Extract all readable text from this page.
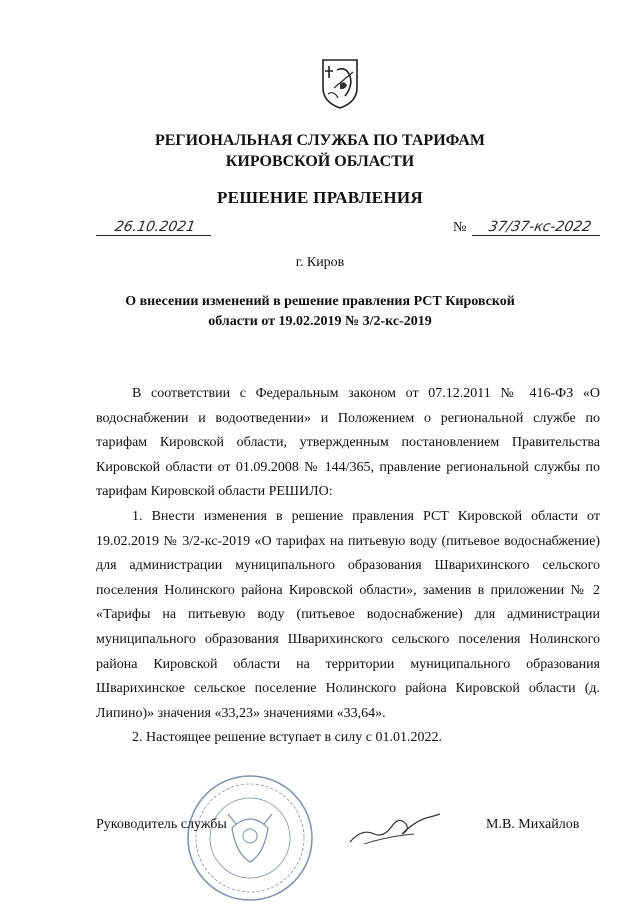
РЕГИОНАЛЬНАЯ СЛУЖБА ПО ТАРИФАМ
КИРОВСКОЙ ОБЛАСТИ
РЕШЕНИЕ ПРАВЛЕНИЯ
26.10.2021	№	37/37-кс-2022
г. Киров
О внесении изменений в решение правления РСТ Кировской области от 19.02.2019 № 3/2-кс-2019

В соответствии с Федеральным законом от 07.12.2011 № 416-ФЗ «О водоснабжении и водоотведении» и Положением о региональной службе по тарифам Кировской области, утвержденным постановлением Правительства Кировской области от 01.09.2008 № 144/365, правление региональной службы по тарифам Кировской области РЕШИЛО:

1. Внести изменения в решение правления РСТ Кировской области от 19.02.2019 № 3/2-кс-2019 «О тарифах на питьевую воду (питьевое водоснабжение) для администрации муниципального образования Шварихинского сельского поселения Нолинского района Кировской области», заменив в приложении № 2 «Тарифы на питьевую воду (питьевое водоснабжение) для администрации муниципального образования Шварихинского сельского поселения Нолинского района Кировской области на территории муниципального образования Шварихинское сельское поселение Нолинского района Кировской области (д. Липино)» значения «33,23» значениями «33,64».

2. Настоящее решение вступает в силу с 01.01.2022.

Руководитель службы	М.В. Михайлов
